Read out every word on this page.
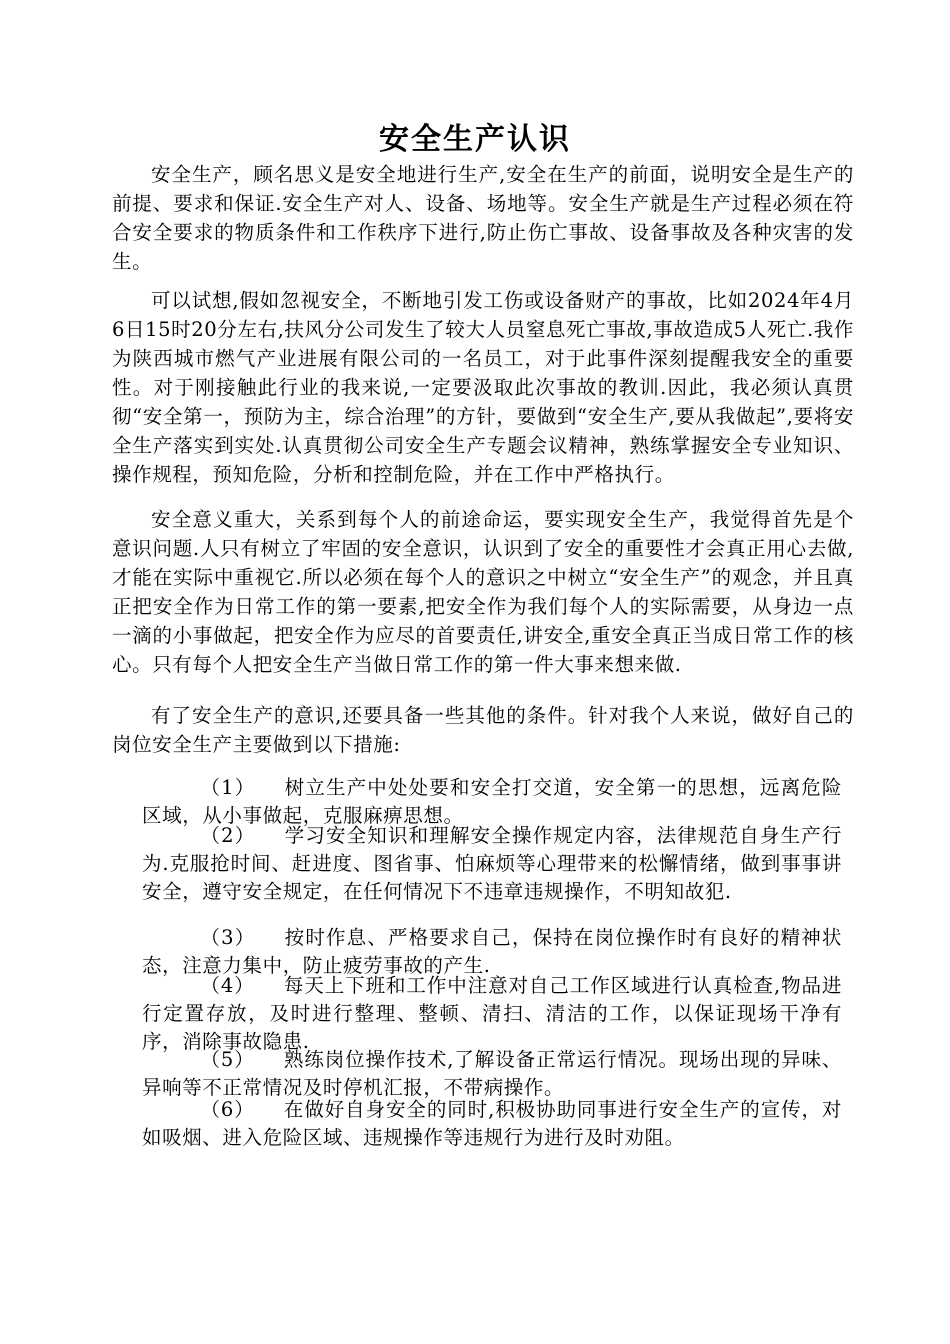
安全生产认识

安全生产，顾名思义是安全地进行生产,安全在生产的前面，说明安全是生产的前提、要求和保证.安全生产对人、设备、场地等。安全生产就是生产过程必须在符合安全要求的物质条件和工作秩序下进行,防止伤亡事故、设备事故及各种灾害的发生。

可以试想,假如忽视安全，不断地引发工伤或设备财产的事故，比如2024年4月6日15时20分左右,扶风分公司发生了较大人员窒息死亡事故,事故造成5人死亡.我作为陕西城市燃气产业进展有限公司的一名员工，对于此事件深刻提醒我安全的重要性。对于刚接触此行业的我来说,一定要汲取此次事故的教训.因此，我必须认真贯彻“安全第一，预防为主，综合治理”的方针，要做到“安全生产,要从我做起”,要将安全生产落实到实处.认真贯彻公司安全生产专题会议精神，熟练掌握安全专业知识、操作规程，预知危险，分析和控制危险，并在工作中严格执行。

安全意义重大，关系到每个人的前途命运，要实现安全生产，我觉得首先是个意识问题.人只有树立了牢固的安全意识，认识到了安全的重要性才会真正用心去做,才能在实际中重视它.所以必须在每个人的意识之中树立“安全生产”的观念，并且真正把安全作为日常工作的第一要素,把安全作为我们每个人的实际需要，从身边一点一滴的小事做起，把安全作为应尽的首要责任,讲安全,重安全真正当成日常工作的核心。只有每个人把安全生产当做日常工作的第一件大事来想来做.

有了安全生产的意识,还要具备一些其他的条件。针对我个人来说，做好自己的岗位安全生产主要做到以下措施:

（1） 树立生产中处处要和安全打交道，安全第一的思想，远离危险区域，从小事做起，克服麻痹思想。

（2） 学习安全知识和理解安全操作规定内容，法律规范自身生产行为.克服抢时间、赶进度、图省事、怕麻烦等心理带来的松懈情绪，做到事事讲安全，遵守安全规定，在任何情况下不违章违规操作，不明知故犯.

（3） 按时作息、严格要求自己，保持在岗位操作时有良好的精神状态，注意力集中，防止疲劳事故的产生.

（4） 每天上下班和工作中注意对自己工作区域进行认真检查,物品进行定置存放，及时进行整理、整顿、清扫、清洁的工作，以保证现场干净有序，消除事故隐患.

（5） 熟练岗位操作技术,了解设备正常运行情况。现场出现的异味、异响等不正常情况及时停机汇报，不带病操作。

（6） 在做好自身安全的同时,积极协助同事进行安全生产的宣传，对如吸烟、进入危险区域、违规操作等违规行为进行及时劝阻。
